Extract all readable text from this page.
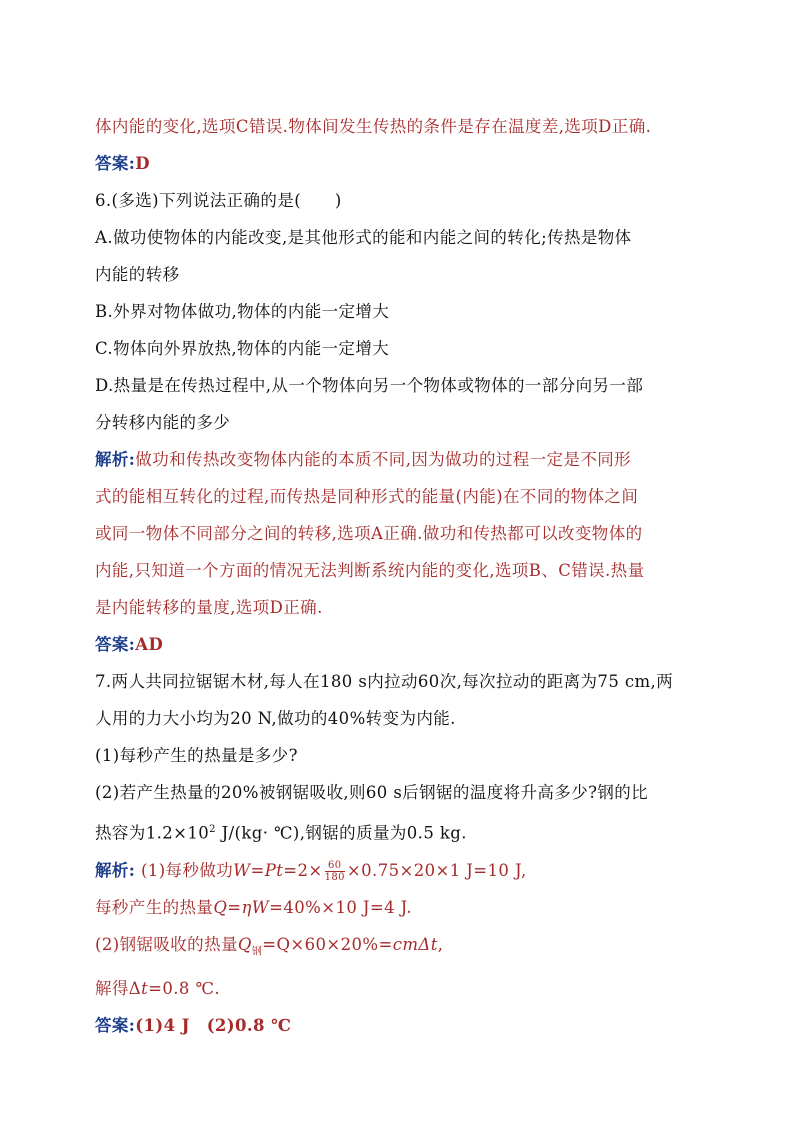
体内能的变化,选项C错误.物体间发生传热的条件是存在温度差,选项D正确.
答案:D
6.(多选)下列说法正确的是(　　)
A.做功使物体的内能改变,是其他形式的能和内能之间的转化;传热是物体
内能的转移
B.外界对物体做功,物体的内能一定增大
C.物体向外界放热,物体的内能一定增大
D.热量是在传热过程中,从一个物体向另一个物体或物体的一部分向另一部
分转移内能的多少
解析:做功和传热改变物体内能的本质不同,因为做功的过程一定是不同形
式的能相互转化的过程,而传热是同种形式的能量(内能)在不同的物体之间
或同一物体不同部分之间的转移,选项A正确.做功和传热都可以改变物体的
内能,只知道一个方面的情况无法判断系统内能的变化,选项B、C错误.热量
是内能转移的量度,选项D正确.
答案:AD
7.两人共同拉锯锯木材,每人在180 s内拉动60次,每次拉动的距离为75 cm,两
人用的力大小均为20 N,做功的40%转变为内能.
(1)每秒产生的热量是多少?
(2)若产生热量的20%被钢锯吸收,则60 s后钢锯的温度将升高多少?钢的比
热容为$1.2\times 10^2$ J/(kg· ℃),钢锯的质量为0.5 kg.
解析: (1)每秒做功$W=Pt=2\times \frac{60}{180} \times 0.75\times 20\times 1$ J=10 J,
每秒产生的热量Q=ηW=40%×10 J=4 J.
(2)钢锯吸收的热量$Q_钢=Q\times 60\times 20\%=cm\Delta t$,
解得Δt=0.8 ℃.
答案:(1)4 J　(2)0.8 ℃
